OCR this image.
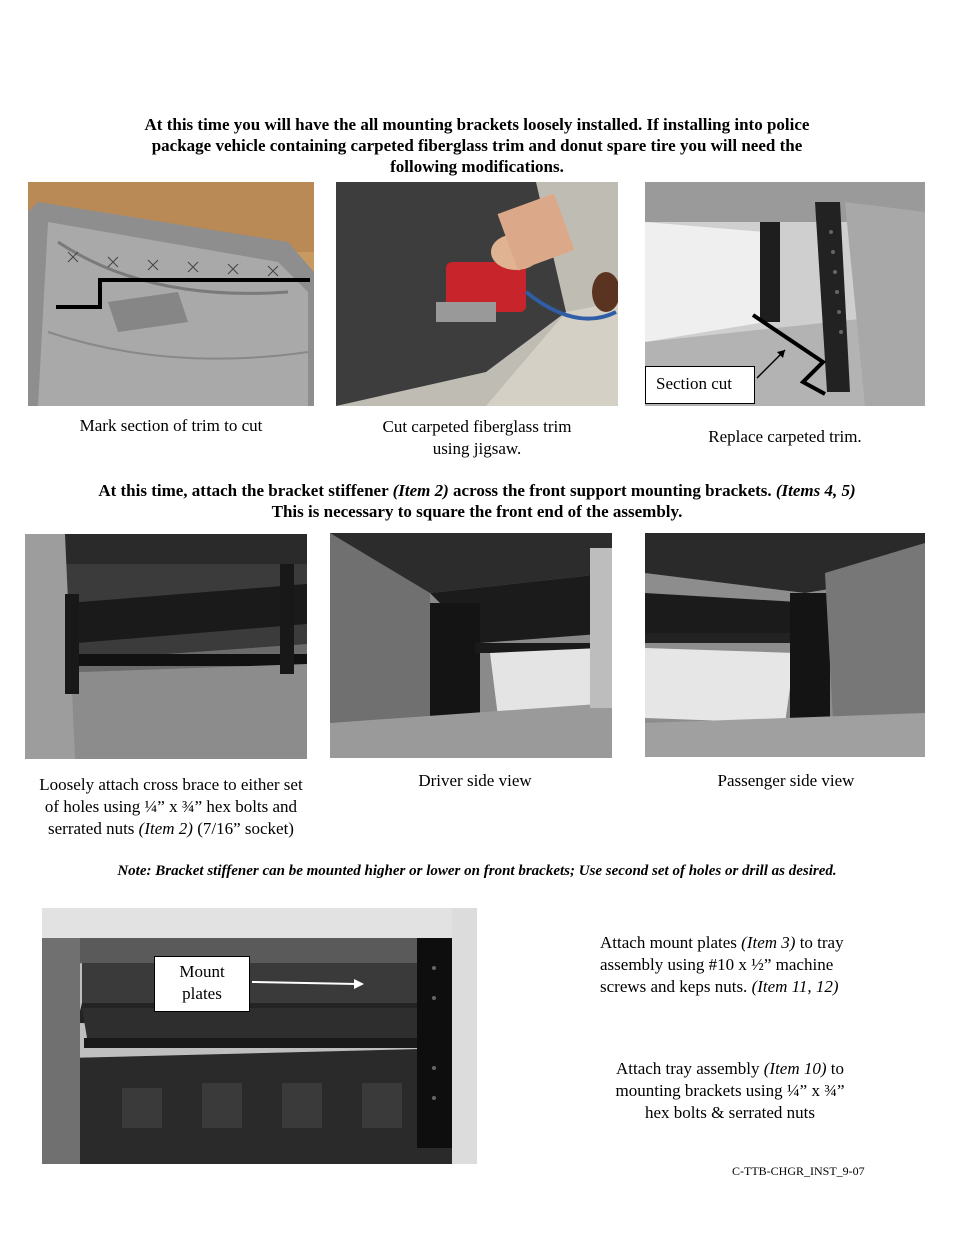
At this time you will have the all mounting brackets loosely installed. If installing into police
package vehicle containing carpeted fiberglass trim and donut spare tire you will need the
following modifications.
Section cut
Mark section of trim to cut	Cut carpeted fiberglass trim
using jigsaw.
Replace carpeted trim.
At this time, attach the bracket stiffener (Item 2) across the front support mounting brackets. (Items 4, 5)
This is necessary to square the front end of the assembly.
Loosely attach cross brace to either set
of holes using ¼” x ¾” hex bolts and
serrated nuts (Item 2) (7/16” socket)
Driver side view	Passenger side view
Note: Bracket stiffener can be mounted higher or lower on front brackets; Use second set of holes or drill as desired.
Mount
plates
Attach mount plates (Item 3) to tray
assembly using #10 x ½” machine
screws and keps nuts. (Item 11, 12)
Attach tray assembly (Item 10) to
mounting brackets using ¼” x ¾”
hex bolts & serrated nuts
C-TTB-CHGR_INST_9-07
